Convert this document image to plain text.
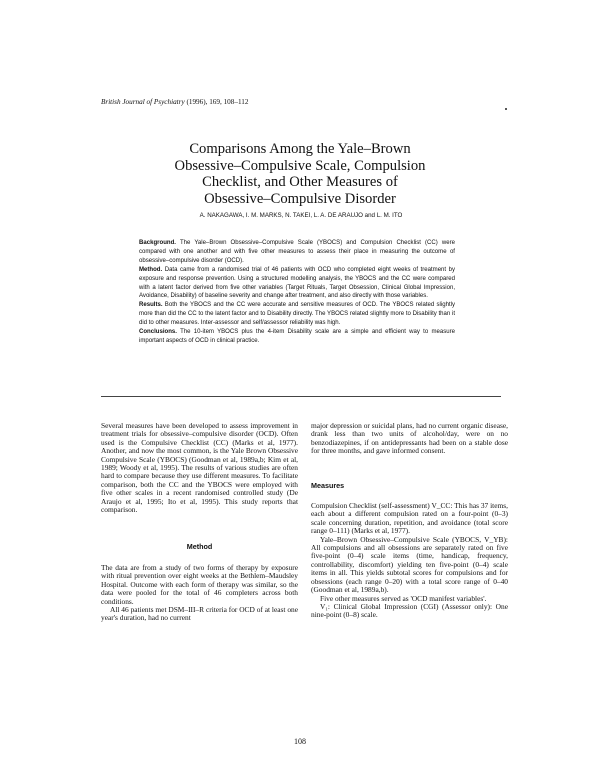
British Journal of Psychiatry (1996), 169, 108–112
Comparisons Among the Yale–Brown
Obsessive–Compulsive Scale, Compulsion
Checklist, and Other Measures of
Obsessive–Compulsive Disorder
A. NAKAGAWA, I. M. MARKS, N. TAKEI, L. A. DE ARAUJO and L. M. ITO

Background. The Yale–Brown Obsessive–Compulsive Scale (YBOCS) and Compulsion Checklist (CC) were compared with one another and with five other measures to assess their place in measuring the outcome of obsessive–compulsive disorder (OCD).

Method. Data came from a randomised trial of 46 patients with OCD who completed eight weeks of treatment by exposure and response prevention. Using a structured modelling analysis, the YBOCS and the CC were compared with a latent factor derived from five other variables (Target Rituals, Target Obsession, Clinical Global Impression, Avoidance, Disability) of baseline severity and change after treatment, and also directly with those variables.

Results. Both the YBOCS and the CC were accurate and sensitive measures of OCD. The YBOCS related slightly more than did the CC to the latent factor and to Disability directly. The YBOCS related slightly more to Disability than it did to other measures. Inter-assessor and self/assessor reliability was high.

Conclusions. The 10-item YBOCS plus the 4-item Disability scale are a simple and efficient way to measure important aspects of OCD in clinical practice.

Several measures have been developed to assess improvement in treatment trials for obsessive–compulsive disorder (OCD). Often used is the Compulsive Checklist (CC) (Marks et al, 1977). Another, and now the most common, is the Yale Brown Obsessive Compulsive Scale (YBOCS) (Goodman et al, 1989a,b; Kim et al, 1989; Woody et al, 1995). The results of various studies are often hard to compare because they use different measures. To facilitate comparison, both the CC and the YBOCS were employed with five other scales in a recent randomised controlled study (De Araujo et al, 1995; Ito et al, 1995). This study reports that comparison.

Method

The data are from a study of two forms of therapy by exposure with ritual prevention over eight weeks at the Bethlem–Maudsley Hospital. Outcome with each form of therapy was similar, so the data were pooled for the total of 46 completers across both conditions.

All 46 patients met DSM–III–R criteria for OCD of at least one year's duration, had no current

major depression or suicidal plans, had no current organic disease, drank less than two units of alcohol/day, were on no benzodiazepines, if on antidepressants had been on a stable dose for three months, and gave informed consent.

Measures

Compulsion Checklist (self-assessment) V_CC: This has 37 items, each about a different compulsion rated on a four-point (0–3) scale concerning duration, repetition, and avoidance (total score range 0–111) (Marks et al, 1977).

Yale–Brown Obsessive–Compulsive Scale (YBOCS, V_YB): All compulsions and all obsessions are separately rated on five five-point (0–4) scale items (time, handicap, frequency, controllability, discomfort) yielding ten five-point (0–4) scale items in all. This yields subtotal scores for compulsions and for obsessions (each range 0–20) with a total score range of 0–40 (Goodman et al, 1989a,b).

Five other measures served as 'OCD manifest variables'.

V₁: Clinical Global Impression (CGI) (Assessor only): One nine-point (0–8) scale.

108
